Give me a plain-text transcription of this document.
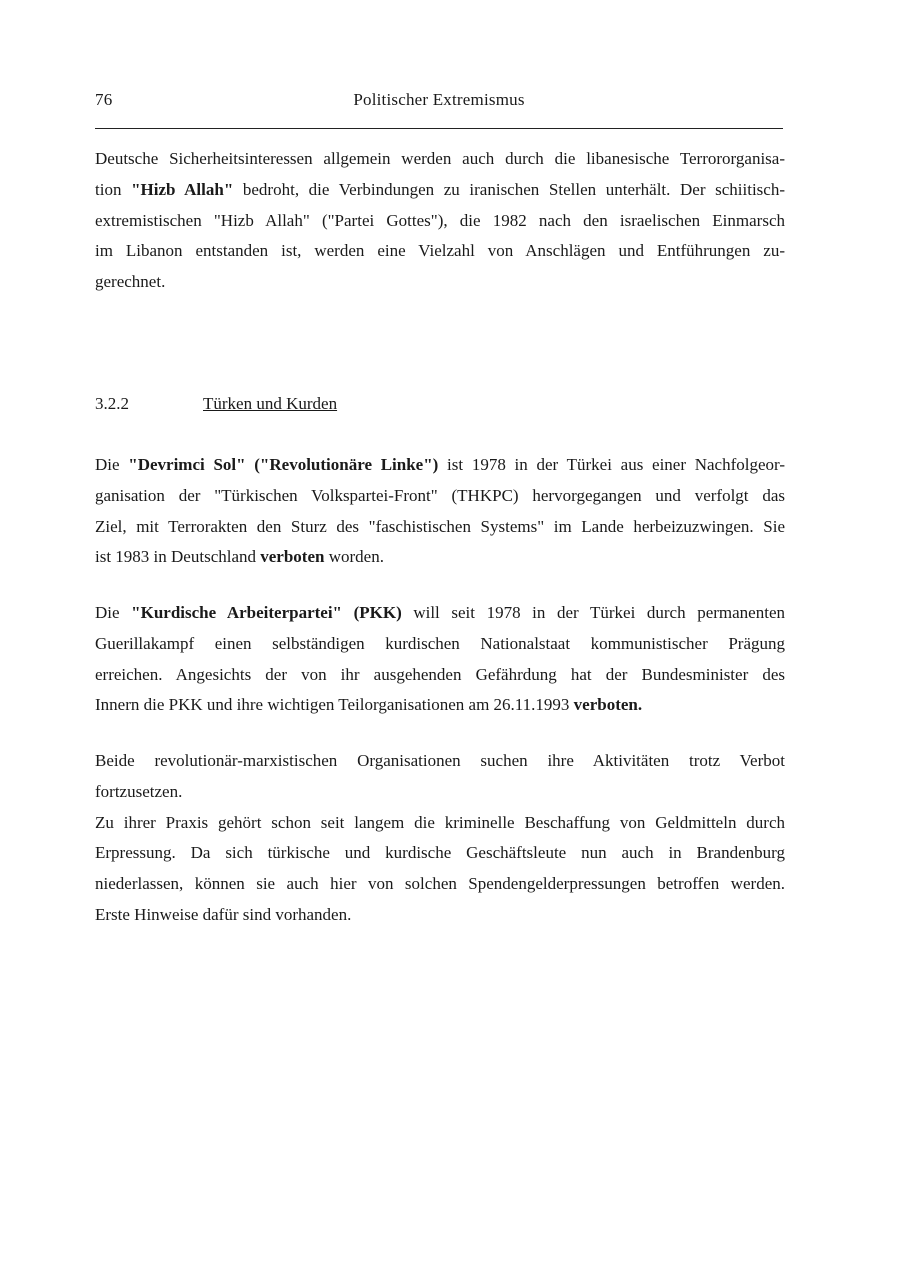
76	Politischer Extremismus
Deutsche Sicherheitsinteressen allgemein werden auch durch die libanesische Terrororganisa-
tion "Hizb Allah" bedroht, die Verbindungen zu iranischen Stellen unterhält. Der schiitisch-
extremistischen "Hizb Allah" ("Partei Gottes"), die 1982 nach den israelischen Einmarsch
im Libanon entstanden ist, werden eine Vielzahl von Anschlägen und Entführungen zu-
gerechnet.
3.2.2	Türken und Kurden
Die "Devrimci Sol" ("Revolutionäre Linke") ist 1978 in der Türkei aus einer Nachfolgeor-
ganisation der "Türkischen Volkspartei-Front" (THKPC) hervorgegangen und verfolgt das
Ziel, mit Terrorakten den Sturz des "faschistischen Systems" im Lande herbeizuzwingen. Sie
ist 1983 in Deutschland verboten worden.
Die "Kurdische Arbeiterpartei" (PKK) will seit 1978 in der Türkei durch permanenten
Guerillakampf einen selbständigen kurdischen Nationalstaat kommunistischer Prägung
erreichen. Angesichts der von ihr ausgehenden Gefährdung hat der Bundesminister des
Innern die PKK und ihre wichtigen Teilorganisationen am 26.11.1993 verboten.
Beide revolutionär-marxistischen Organisationen suchen ihre Aktivitäten trotz Verbot
fortzusetzen.
Zu ihrer Praxis gehört schon seit langem die kriminelle Beschaffung von Geldmitteln durch
Erpressung. Da sich türkische und kurdische Geschäftsleute nun auch in Brandenburg
niederlassen, können sie auch hier von solchen Spendengelderpressungen betroffen werden.
Erste Hinweise dafür sind vorhanden.
